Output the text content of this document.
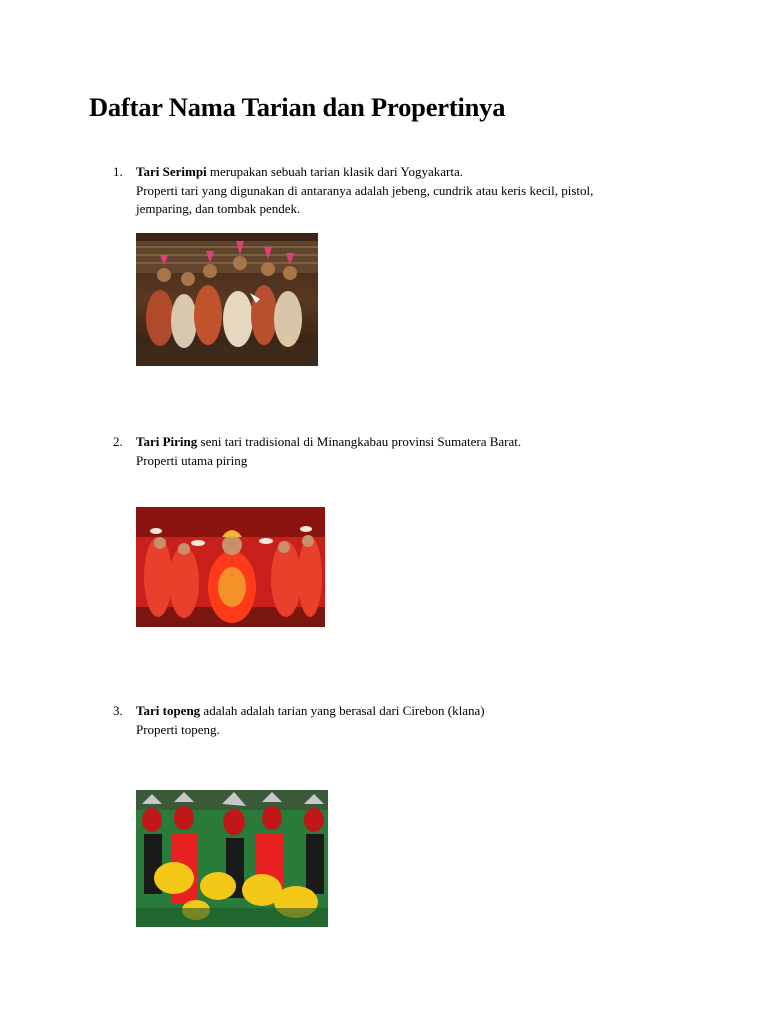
Daftar Nama Tarian dan Propertinya
1. Tari Serimpi merupakan sebuah tarian klasik dari Yogyakarta.
Properti tari yang digunakan di antaranya adalah jebeng, cundrik atau keris kecil, pistol,
jemparing, dan tombak pendek.
2. Tari Piring seni tari tradisional di Minangkabau provinsi Sumatera Barat.
Properti utama piring
3. Tari topeng adalah adalah tarian yang berasal dari Cirebon (klana)
Properti topeng.
